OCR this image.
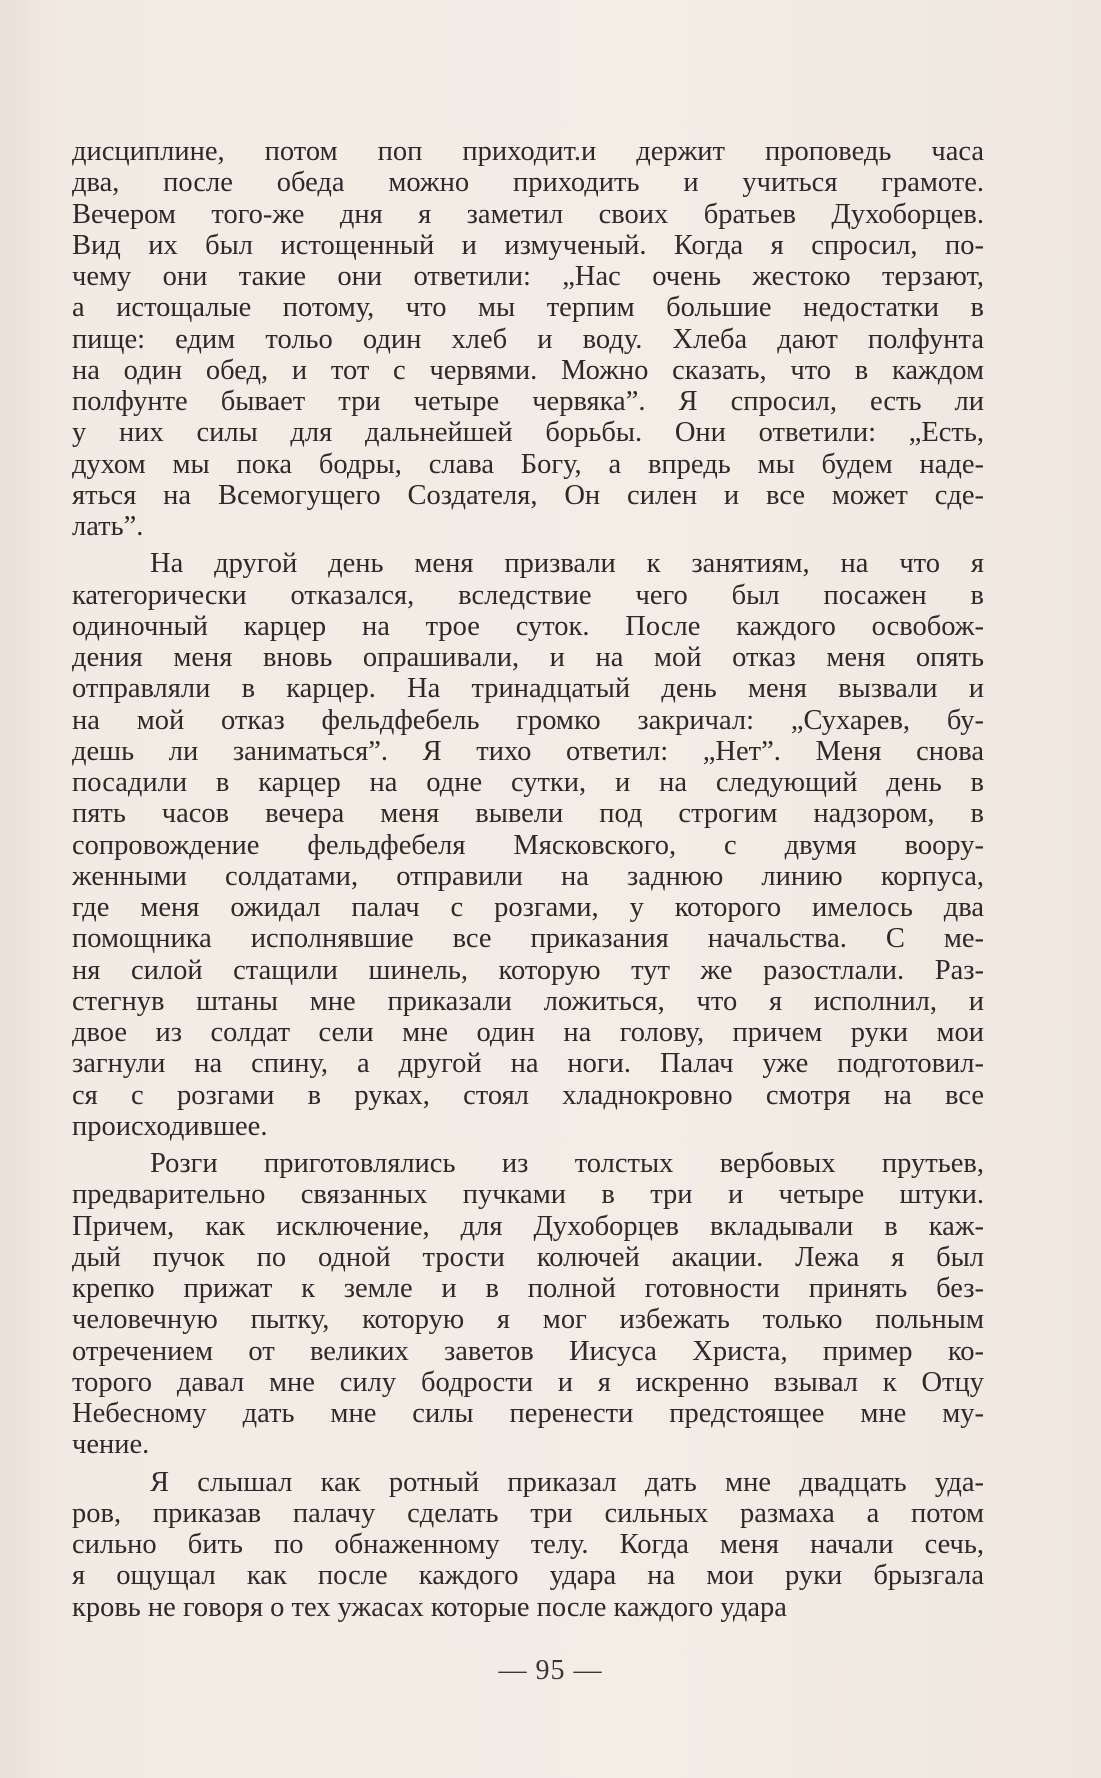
дисциплине, потом поп приходит.и держит проповедь часа
два, после обеда можно приходить и учиться грамоте.
Вечером того-же дня я заметил своих братьев Духоборцев.
Вид их был истощенный и измученый. Когда я спросил, по-
чему они такие они ответили: „Нас очень жестоко терзают,
а истощалые потому, что мы терпим большие недостатки в
пище: едим тольо один хлеб и воду. Хлеба дают полфунта
на один обед, и тот с червями. Можно сказать, что в каждом
полфунте бывает три четыре червяка”. Я спросил, есть ли
у них силы для дальнейшей борьбы. Они ответили: „Есть,
духом мы пока бодры, слава Богу, а впредь мы будем наде-
яться на Всемогущего Создателя, Он силен и все может сде-
лать”.
На другой день меня призвали к занятиям, на что я
категорически отказался, вследствие чего был посажен в
одиночный карцер на трое суток. После каждого освобож-
дения меня вновь опрашивали, и на мой отказ меня опять
отправляли в карцер. На тринадцатый день меня вызвали и
на мой отказ фельдфебель громко закричал: „Сухарев, бу-
дешь ли заниматься”. Я тихо ответил: „Нет”. Меня снова
посадили в карцер на одне сутки, и на следующий день в
пять часов вечера меня вывели под строгим надзором, в
сопровождение фельдфебеля Мясковского, с двумя воору-
женными солдатами, отправили на заднюю линию корпуса,
где меня ожидал палач с розгами, у которого имелось два
помощника исполнявшие все приказания начальства. С ме-
ня силой стащили шинель, которую тут же разостлали. Раз-
стегнув штаны мне приказали ложиться, что я исполнил, и
двое из солдат сели мне один на голову, причем руки мои
загнули на спину, а другой на ноги. Палач уже подготовил-
ся с розгами в руках, стоял хладнокровно смотря на все
происходившее.
Розги приготовлялись из толстых вербовых прутьев,
предварительно связанных пучками в три и четыре штуки.
Причем, как исключение, для Духоборцев вкладывали в каж-
дый пучок по одной трости колючей акации. Лежа я был
крепко прижат к земле и в полной готовности принять без-
человечную пытку, которую я мог избежать только польным
отречением от великих заветов Иисуса Христа, пример ко-
торого давал мне силу бодрости и я искренно взывал к Отцу
Небесному дать мне силы перенести предстоящее мне му-
чение.
Я слышал как ротный приказал дать мне двадцать уда-
ров, приказав палачу сделать три сильных размаха а потом
сильно бить по обнаженному телу. Когда меня начали сечь,
я ощущал как после каждого удара на мои руки брызгала
кровь не говоря о тех ужасах которые после каждого удара
— 95 —
